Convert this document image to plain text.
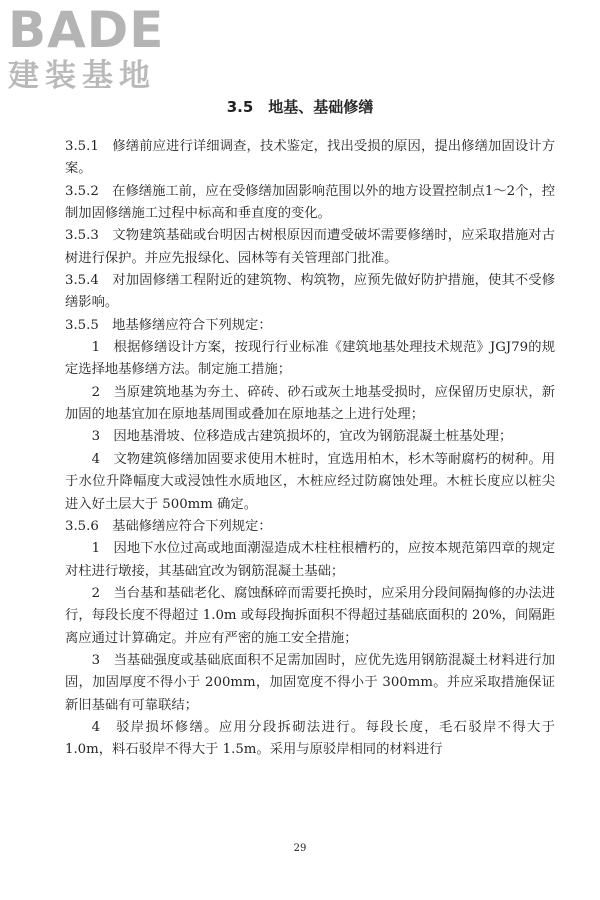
BADE
建装基地
3.5　地基、基础修缮

3.5.1　修缮前应进行详细调查，技术鉴定，找出受损的原因，提出修缮加固设计方案。

3.5.2　在修缮施工前，应在受修缮加固影响范围以外的地方设置控制点1～2个，控制加固修缮施工过程中标高和垂直度的变化。

3.5.3　文物建筑基础或台明因古树根原因而遭受破坏需要修缮时，应采取措施对古树进行保护。并应先报绿化、园林等有关管理部门批准。

3.5.4　对加固修缮工程附近的建筑物、构筑物，应预先做好防护措施，使其不受修缮影响。

3.5.5　地基修缮应符合下列规定：

1　根据修缮设计方案，按现行行业标准《建筑地基处理技术规范》JGJ79的规定选择地基修缮方法。制定施工措施；

2　当原建筑地基为夯土、碎砖、砂石或灰土地基受损时，应保留历史原状，新加固的地基宜加在原地基周围或叠加在原地基之上进行处理；

3　因地基滑坡、位移造成古建筑损坏的，宜改为钢筋混凝土桩基处理；

4　文物建筑修缮加固要求使用木桩时，宜选用柏木，杉木等耐腐朽的树种。用于水位升降幅度大或浸蚀性水质地区，木桩应经过防腐蚀处理。木桩长度应以桩尖进入好土层大于 500mm 确定。

3.5.6　基础修缮应符合下列规定：

1　因地下水位过高或地面潮湿造成木柱柱根槽朽的，应按本规范第四章的规定对柱进行墩接，其基础宜改为钢筋混凝土基础；

2　当台基和基础老化、腐蚀酥碎而需要托换时，应采用分段间隔掏修的办法进行，每段长度不得超过 1.0m 或每段掏拆面积不得超过基础底面积的 20%，间隔距离应通过计算确定。并应有严密的施工安全措施；

3　当基础强度或基础底面积不足需加固时，应优先选用钢筋混凝土材料进行加固，加固厚度不得小于 200mm，加固宽度不得小于 300mm。并应采取措施保证新旧基础有可靠联结；

4　驳岸损坏修缮。应用分段拆砌法进行。每段长度，毛石驳岸不得大于 1.0m，料石驳岸不得大于 1.5m。采用与原驳岸相同的材料进行

29
